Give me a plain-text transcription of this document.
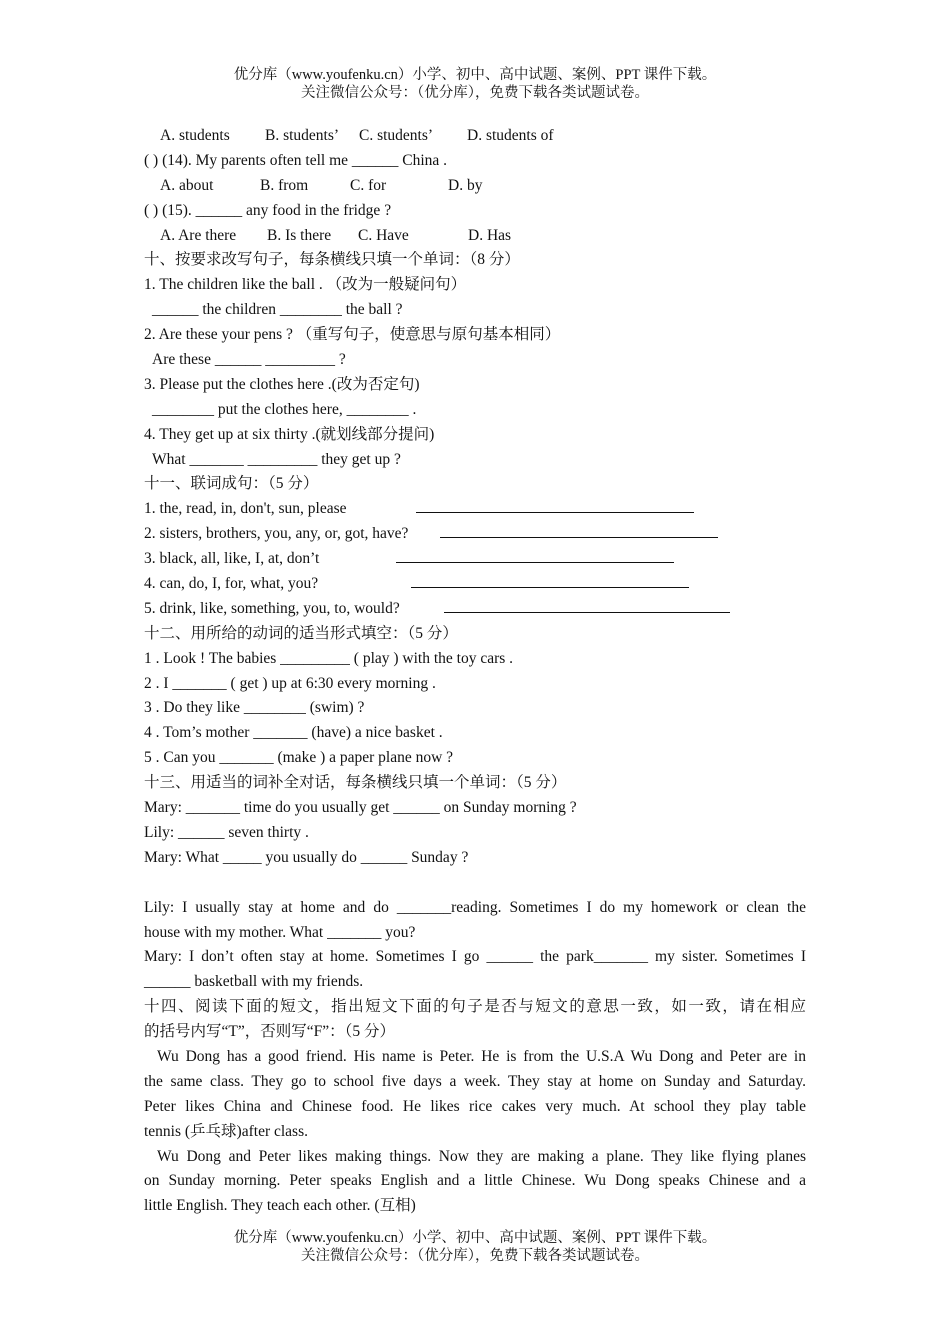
优分库（www.youfenku.cn）小学、初中、高中试题、案例、PPT 课件下载。
关注微信公众号：（优分库），免费下载各类试题试卷。
A. students B. students’ C. students’ D. students of
( ) (14). My parents often tell me ______ China .
A. about	B. from	C. for	D. by
( ) (15). ______ any food in the fridge ?
A. Are there B. Is there C. Have	D. Has
十、按要求改写句子，每条横线只填一个单词：（8 分）
1. The children like the ball . （改为一般疑问句）
______ the children ________ the ball ?
2. Are these your pens ? （重写句子，使意思与原句基本相同）
Are these ______ _________ ?
3. Please put the clothes here .(改为否定句)
________ put the clothes here, ________ .
4. They get up at six thirty .(就划线部分提问)
What _______ _________ they get up ?
十一、联词成句：（5 分）
1. the, read, in, don't, sun, please
2. sisters, brothers, you, any, or, got, have?
3. black, all, like, I, at, don’t
4. can, do, I, for, what, you?
5. drink, like, something, you, to, would?
十二、用所给的动词的适当形式填空：（5 分）
1 . Look ! The babies _________ ( play ) with the toy cars .
2 . I _______ ( get ) up at 6:30 every morning .
3 . Do they like ________ (swim) ?
4 . Tom’s mother _______ (have) a nice basket .
5 . Can you _______ (make ) a paper plane now ?
十三、用适当的词补全对话，每条横线只填一个单词：（5 分）
Mary: _______ time do you usually get ______ on Sunday morning ?
Lily: ______ seven thirty .
Mary: What _____ you usually do ______ Sunday ?
Lily: I usually stay at home and do _______reading. Sometimes I do my homework or clean the
house with my mother. What _______ you?
Mary: I don’t often stay at home. Sometimes I go ______ the park_______ my sister. Sometimes I
______ basketball with my friends.
十四、阅读下面的短文，指出短文下面的句子是否与短文的意思一致，如一致，请在相应
的括号内写“T”，否则写“F”：（5 分）
Wu Dong has a good friend. His name is Peter. He is from the U.S.A Wu Dong and Peter are in
the same class. They go to school five days a week. They stay at home on Sunday and Saturday.
Peter likes China and Chinese food. He likes rice cakes very much. At school they play table
tennis (乒乓球)after class.
Wu Dong and Peter likes making things. Now they are making a plane. They like flying planes
on Sunday morning. Peter speaks English and a little Chinese. Wu Dong speaks Chinese and a
little English. They teach each other. (互相)
优分库（www.youfenku.cn）小学、初中、高中试题、案例、PPT 课件下载。
关注微信公众号：（优分库），免费下载各类试题试卷。
